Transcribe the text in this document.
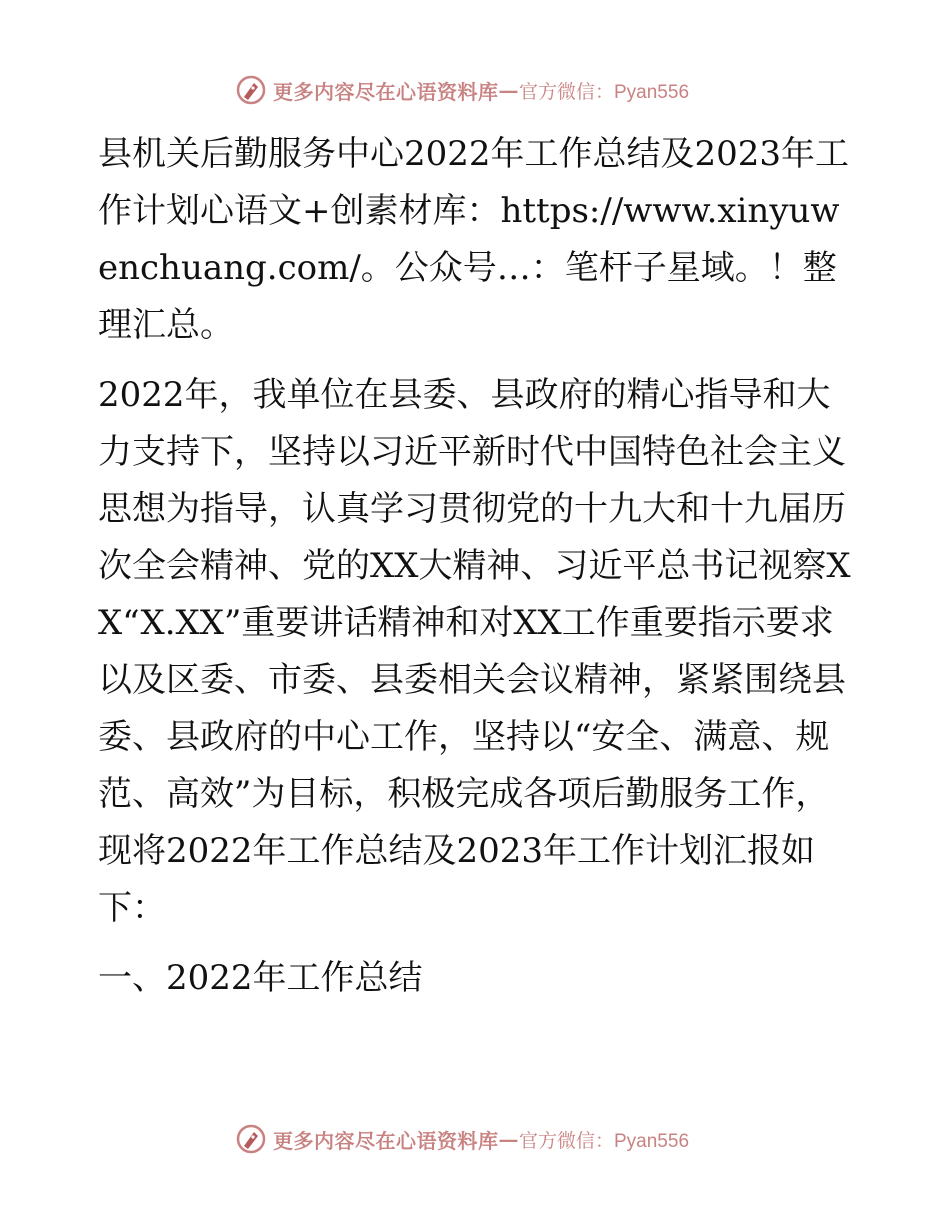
更多内容尽在心语资料库 — 官方微信：Pyan556

县机关后勤服务中心2022年工作总结及2023年工作计划心语文+创素材库：https://www.xinyuwenchuang.com/。公众号…：笔杆子星域。！整理汇总。

2022年，我单位在县委、县政府的精心指导和大力支持下，坚持以习近平新时代中国特色社会主义思想为指导，认真学习贯彻党的十九大和十九届历次全会精神、党的XX大精神、习近平总书记视察XX“X.XX”重要讲话精神和对XX工作重要指示要求以及区委、市委、县委相关会议精神，紧紧围绕县委、县政府的中心工作，坚持以“安全、满意、规范、高效”为目标，积极完成各项后勤服务工作，现将2022年工作总结及2023年工作计划汇报如下：

一、2022年工作总结

更多内容尽在心语资料库 — 官方微信：Pyan556
